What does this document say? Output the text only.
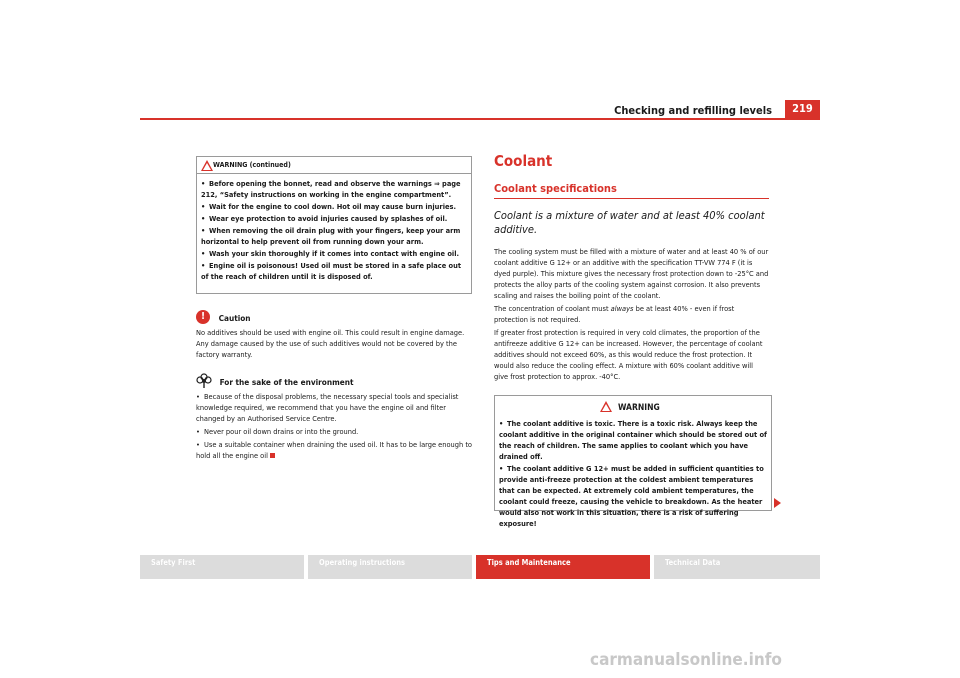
Checking and refilling levels	219
WARNING (continued)

• Before opening the bonnet, read and observe the warnings ⇒ page 212, “Safety instructions on working in the engine compartment”.

• Wait for the engine to cool down. Hot oil may cause burn injuries.

• Wear eye protection to avoid injuries caused by splashes of oil.

• When removing the oil drain plug with your fingers, keep your arm horizontal to help prevent oil from running down your arm.

• Wash your skin thoroughly if it comes into contact with engine oil.

• Engine oil is poisonous! Used oil must be stored in a safe place out of the reach of children until it is disposed of.

! Caution

No additives should be used with engine oil. This could result in engine damage. Any damage caused by the use of such additives would not be covered by the factory warranty.

For the sake of the environment

• Because of the disposal problems, the necessary special tools and specialist knowledge required, we recommend that you have the engine oil and filter changed by an Authorised Service Centre.

• Never pour oil down drains or into the ground.

• Use a suitable container when draining the used oil. It has to be large enough to hold all the engine oil

Coolant
Coolant specifications

Coolant is a mixture of water and at least 40% coolant additive.

The cooling system must be filled with a mixture of water and at least 40 % of our coolant additive G 12+ or an additive with the specification TT-VW 774 F (it is dyed purple). This mixture gives the necessary frost protection down to -25°C and protects the alloy parts of the cooling system against corrosion. It also prevents scaling and raises the boiling point of the coolant.

The concentration of coolant must always be at least 40% - even if frost protection is not required.

If greater frost protection is required in very cold climates, the proportion of the antifreeze additive G 12+ can be increased. However, the percentage of coolant additives should not exceed 60%, as this would reduce the frost protection. It would also reduce the cooling effect. A mixture with 60% coolant additive will give frost protection to approx. -40°C.

WARNING

• The coolant additive is toxic. There is a toxic risk. Always keep the coolant additive in the original container which should be stored out of the reach of children. The same applies to coolant which you have drained off.

• The coolant additive G 12+ must be added in sufficient quantities to provide anti-freeze protection at the coldest ambient temperatures that can be expected. At extremely cold ambient temperatures, the coolant could freeze, causing the vehicle to breakdown. As the heater would also not work in this situation, there is a risk of suffering exposure!

Safety First	Operating instructions	Tips and Maintenance	Technical Data
carmanualsonline.info
